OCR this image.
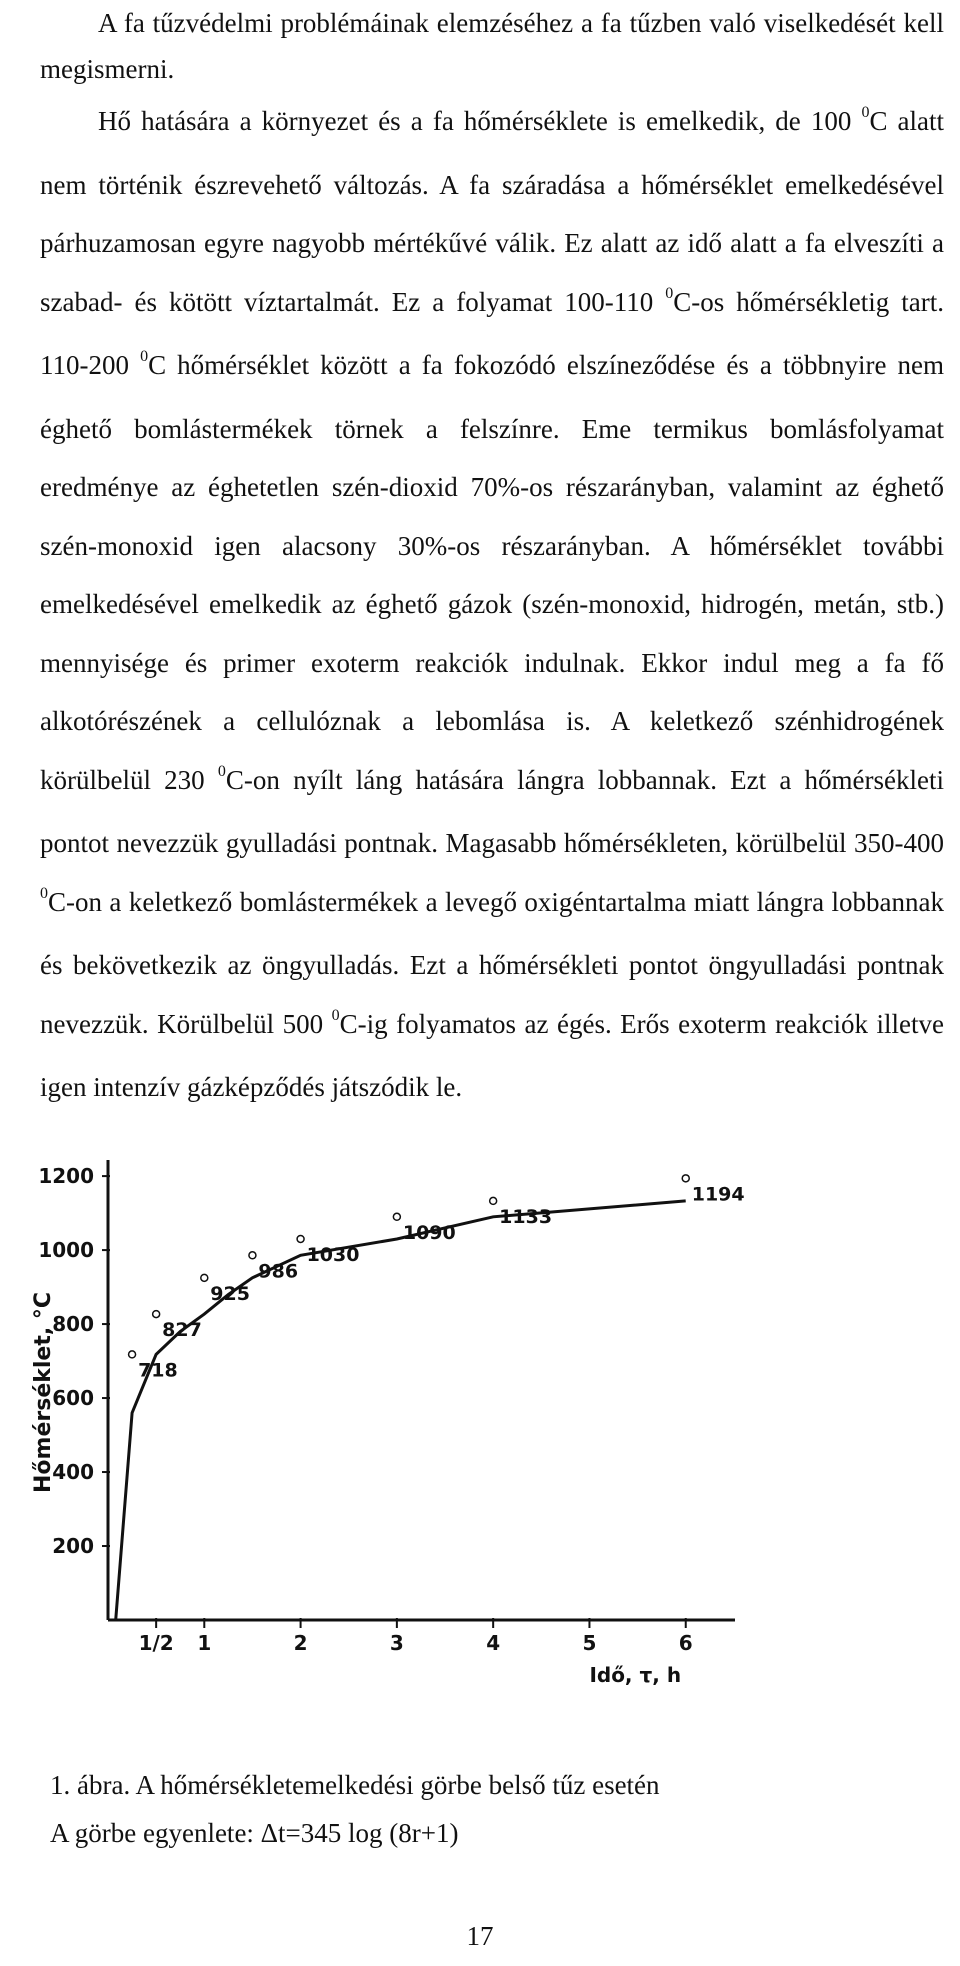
A fa tűzvédelmi problémáinak elemzéséhez a fa tűzben való viselkedését kell megismerni.

Hő hatására a környezet és a fa hőmérséklete is emelkedik, de 100 $^0$C alatt nem történik észrevehető változás. A fa száradása a hőmérséklet emelkedésével párhuzamosan egyre nagyobb mértékűvé válik. Ez alatt az idő alatt a fa elveszíti a szabad- és kötött víztartalmát. Ez a folyamat 100-110 $^0$C-os hőmérsékletig tart. 110-200 $^0$C hőmérséklet között a fa fokozódó elszíneződése és a többnyire nem éghető bomlástermékek törnek a felszínre. Eme termikus bomlásfolyamat eredménye az éghetetlen szén-dioxid 70%-os részarányban, valamint az éghető szén-monoxid igen alacsony 30%-os részarányban. A hőmérséklet további emelkedésével emelkedik az éghető gázok (szén-monoxid, hidrogén, metán, stb.) mennyisége és primer exoterm reakciók indulnak. Ekkor indul meg a fa fő alkotórészének a cellulóznak a lebomlása is. A keletkező szénhidrogének körülbelül 230 $^0$C-on nyílt láng hatására lángra lobbannak. Ezt a hőmérsékleti pontot nevezzük gyulladási pontnak. Magasabb hőmérsékleten, körülbelül 350-400 $^0$C-on a keletkező bomlástermékek a levegő oxigéntartalma miatt lángra lobbannak és bekövetkezik az öngyulladás. Ezt a hőmérsékleti pontot öngyulladási pontnak nevezzük. Körülbelül 500 $^0$C-ig folyamatos az égés. Erős exoterm reakciók illetve igen intenzív gázképződés játszódik le.

200
400
600
800
1000
1200
1/2 1	2	3	4	5	6
718
827
925
986
1030
1090
1133
1194
Hőmérséklet, °C
Idő, τ, h
1. ábra. A hőmérsékletemelkedési görbe belső tűz esetén
A görbe egyenlete: Δt=345 log (8r+1)
17
